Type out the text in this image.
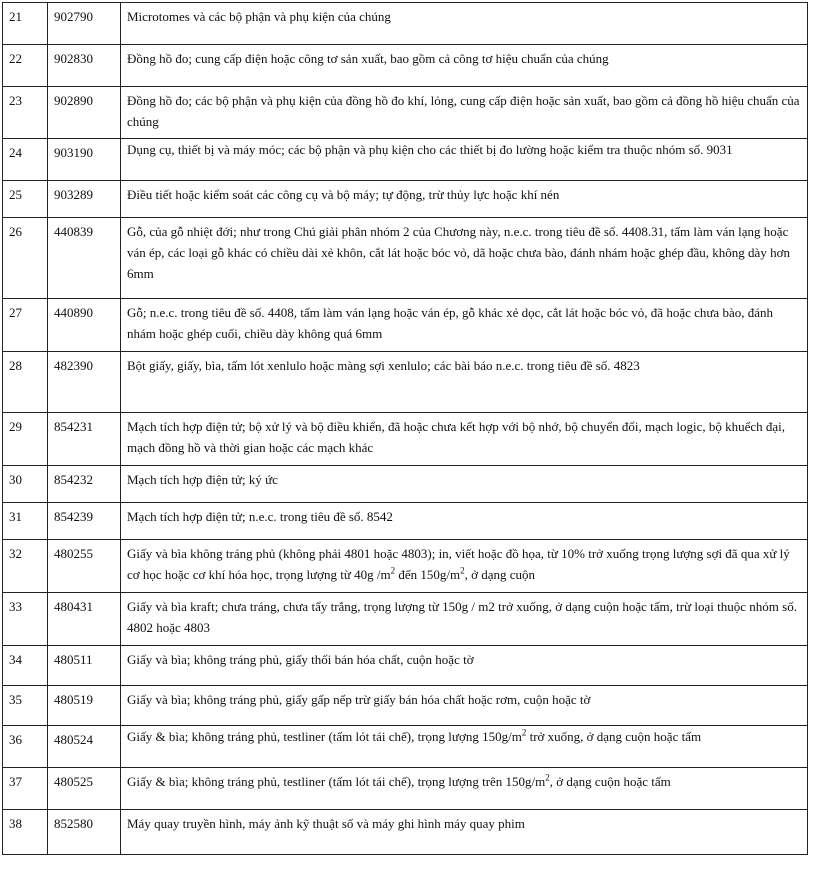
21	902790	Microtomes và các bộ phận và phụ kiện của chúng
22	902830	Đồng hồ đo; cung cấp điện hoặc công tơ sản xuất, bao gồm cả công tơ hiệu chuẩn của chúng
23	902890	Đồng hồ đo; các bộ phận và phụ kiện của đồng hồ đo khí, lỏng, cung cấp điện hoặc sản xuất, bao gồm cả đồng hồ hiệu chuẩn của chúng
24	903190	Dụng cụ, thiết bị và máy móc; các bộ phận và phụ kiện cho các thiết bị đo lường hoặc kiểm tra thuộc nhóm số. 9031
25	903289	Điều tiết hoặc kiểm soát các công cụ và bộ máy; tự động, trừ thủy lực hoặc khí nén
26	440839	Gỗ, của gỗ nhiệt đới; như trong Chú giải phân nhóm 2 của Chương này, n.e.c. trong tiêu đề số. 4408.31, tấm làm ván lạng hoặc ván ép, các loại gỗ khác có chiều dài xẻ khôn, cắt lát hoặc bóc vỏ, dã hoặc chưa bào, đánh nhám hoặc ghép đầu, không dày hơn 6mm
27	440890	Gỗ; n.e.c. trong tiêu đề số. 4408, tấm làm ván lạng hoặc ván ép, gỗ khác xẻ dọc, cắt lát hoặc bóc vỏ, đã hoặc chưa bào, đánh nhám hoặc ghép cuối, chiều dày không quá 6mm
28	482390	Bột giấy, giấy, bìa, tấm lót xenlulo hoặc màng sợi xenlulo; các bài báo n.e.c. trong tiêu đề số. 4823
29	854231	Mạch tích hợp điện tử; bộ xử lý và bộ điều khiển, đã hoặc chưa kết hợp với bộ nhớ, bộ chuyển đổi, mạch logic, bộ khuếch đại, mạch đồng hồ và thời gian hoặc các mạch khác
30	854232	Mạch tích hợp điện tử; ký ức
31	854239	Mạch tích hợp điện tử; n.e.c. trong tiêu đề số. 8542
32	480255	Giấy và bìa không tráng phủ (không phải 4801 hoặc 4803); in, viết hoặc đồ họa, từ 10% trở xuống trọng lượng sợi đã qua xử lý cơ học hoặc cơ khí hóa học, trọng lượng từ 40g $/m^2$ đến $150g/m^2$, ở dạng cuộn
33	480431	Giấy và bìa kraft; chưa tráng, chưa tẩy trắng, trọng lượng từ 150g / m2 trở xuống, ở dạng cuộn hoặc tấm, trừ loại thuộc nhóm số. 4802 hoặc 4803
34	480511	Giấy và bìa; không tráng phủ, giấy thối bán hóa chất, cuộn hoặc tờ
35	480519	Giấy và bìa; không tráng phủ, giấy gấp nếp trừ giấy bán hóa chất hoặc rơm, cuộn hoặc tờ
36	480524	Giấy & bìa; không tráng phủ, testliner (tấm lót tái chế), trọng lượng $150g/m^2$ trở xuống, ở dạng cuộn hoặc tấm
37	480525	Giấy & bìa; không tráng phủ, testliner (tấm lót tái chế), trọng lượng trên $150g/m^2$, ở dạng cuộn hoặc tấm
38	852580	Máy quay truyền hình, máy ảnh kỹ thuật số và máy ghi hình máy quay phim
